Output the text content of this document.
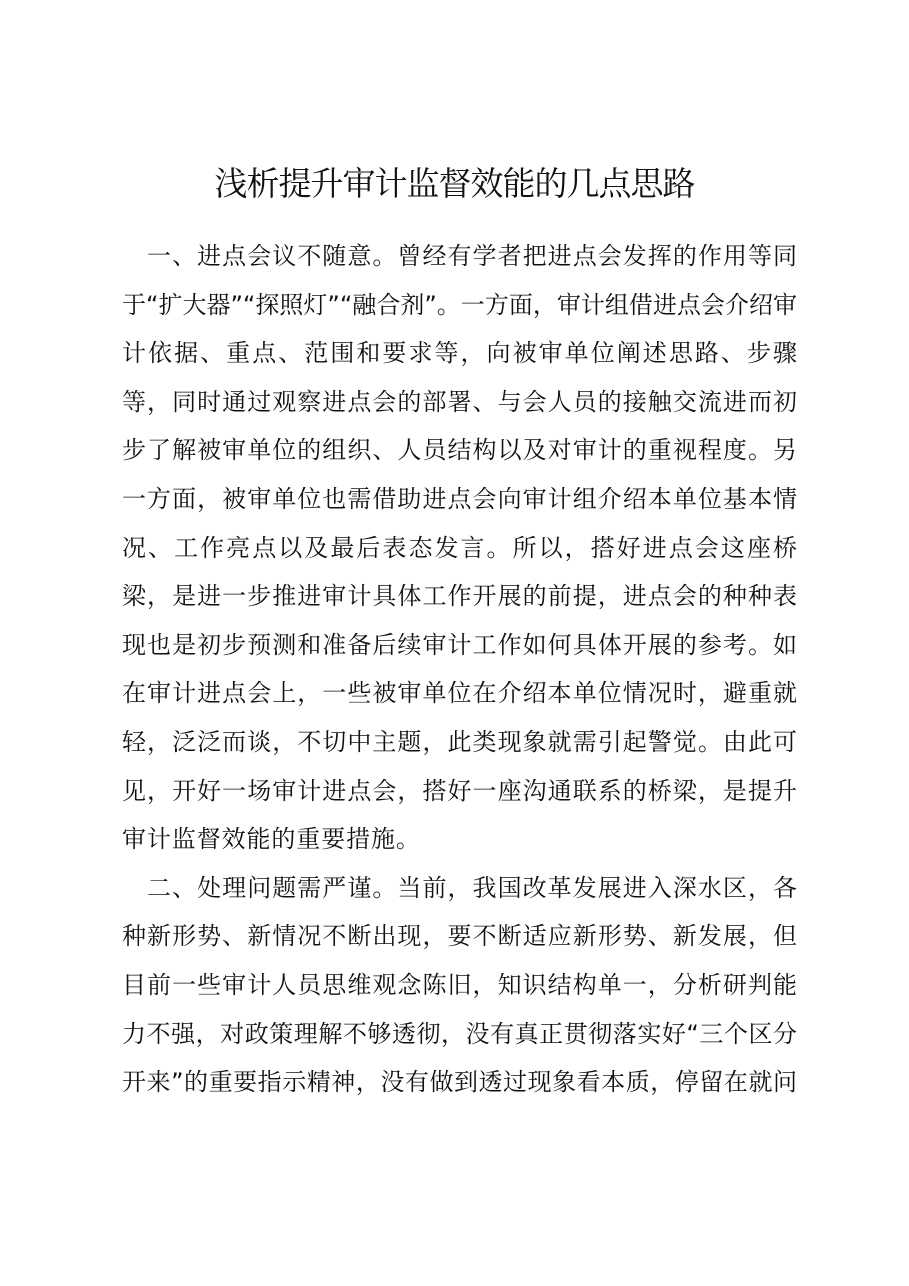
浅析提升审计监督效能的几点思路
　一、进点会议不随意。曾经有学者把进点会发挥的作用等同
于“扩大器”“探照灯”“融合剂”。一方面，审计组借进点会介绍审
计依据、重点、范围和要求等，向被审单位阐述思路、步骤
等，同时通过观察进点会的部署、与会人员的接触交流进而初
步了解被审单位的组织、人员结构以及对审计的重视程度。另
一方面，被审单位也需借助进点会向审计组介绍本单位基本情
况、工作亮点以及最后表态发言。所以，搭好进点会这座桥
梁，是进一步推进审计具体工作开展的前提，进点会的种种表
现也是初步预测和准备后续审计工作如何具体开展的参考。如
在审计进点会上，一些被审单位在介绍本单位情况时，避重就
轻，泛泛而谈，不切中主题，此类现象就需引起警觉。由此可
见，开好一场审计进点会，搭好一座沟通联系的桥梁，是提升
审计监督效能的重要措施。
　二、处理问题需严谨。当前，我国改革发展进入深水区，各
种新形势、新情况不断出现，要不断适应新形势、新发展，但
目前一些审计人员思维观念陈旧，知识结构单一，分析研判能
力不强，对政策理解不够透彻，没有真正贯彻落实好“三个区分
开来”的重要指示精神，没有做到透过现象看本质，停留在就问
